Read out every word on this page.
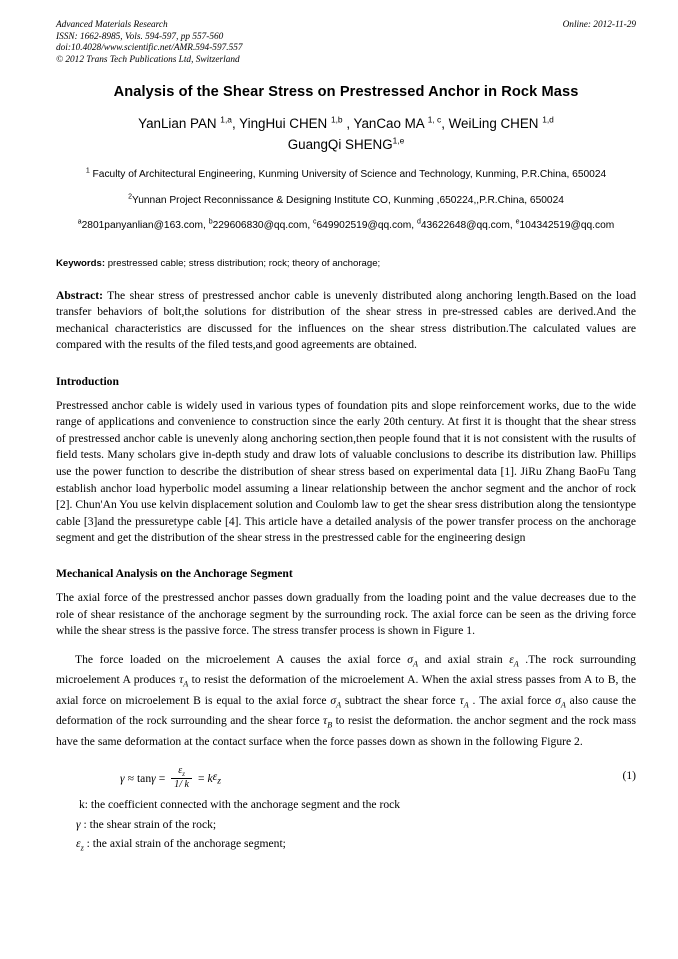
Advanced Materials Research
ISSN: 1662-8985, Vols. 594-597, pp 557-560
doi:10.4028/www.scientific.net/AMR.594-597.557
© 2012 Trans Tech Publications Ltd, Switzerland
Online: 2012-11-29
Analysis of the Shear Stress on Prestressed Anchor in Rock Mass
YanLian PAN $^{1,a}$, YingHui CHEN $^{1,b}$ , YanCao MA $^{1, c}$, WeiLing CHEN $^{1,d}$
GuangQi SHENG$^{1,e}$
$^1$ Faculty of Architectural Engineering, Kunming University of Science and Technology, Kunming, P.R.China, 650024
$^2$Yunnan Project Reconnissance & Designing Institute CO, Kunming ,650224,,P.R.China, 650024
$^a$2801panyanlian@163.com, $^b$229606830@qq.com, $^c$649902519@qq.com, $^d$43622648@qq.com, $^e$104342519@qq.com
Keywords: prestressed cable; stress distribution; rock; theory of anchorage;
Abstract: The shear stress of prestressed anchor cable is unevenly distributed along anchoring length.Based on the load transfer behaviors of bolt,the solutions for distribution of the shear stress in pre-stressed cables are derived.And the mechanical characteristics are discussed for the influences on the shear stress distribution.The calculated values are compared with the results of the filed tests,and good agreements are obtained.
Introduction
Prestressed anchor cable is widely used in various types of foundation pits and slope reinforcement works, due to the wide range of applications and convenience to construction since the early 20th century. At first it is thought that the shear stress of prestressed anchor cable is unevenly along anchoring section,then people found that it is not consistent with the rusults of field tests. Many scholars give in-depth study and draw lots of valuable conclusions to describe its distribution law. Phillips use the power function to describe the distribution of shear stress based on experimental data [1]. JiRu Zhang BaoFu Tang establish anchor load hyperbolic model assuming a linear relationship between the anchor segment and the anchor of rock [2]. Chun'An You use kelvin displacement solution and Coulomb law to get the shear sress distribution along the tensiontype cable [3]and the pressuretype cable [4]. This article have a detailed analysis of the power transfer process on the anchorage segment and get the distribution of the shear stress in the prestressed cable for the engineering design
Mechanical Analysis on the Anchorage Segment
The axial force of the prestressed anchor passes down gradually from the loading point and the value decreases due to the role of shear resistance of the anchorage segment by the surrounding rock. The axial force can be seen as the driving force while the shear stress is the passive force. The stress transfer process is shown in Figure 1.
The force loaded on the microelement A causes the axial force $\sigma_A$ and axial strain $\varepsilon_A$ .The rock surrounding microelement A produces $\tau_A$ to resist the deformation of the microelement A. When the axial stress passes from A to B, the axial force on microelement B is equal to the axial force $\sigma_A$ subtract the shear force $\tau_A$ . The axial force $\sigma_A$ also cause the deformation of the rock surrounding and the shear force $\tau_B$ to resist the deformation. the anchor segment and the rock mass have the same deformation at the contact surface when the force passes down as shown in the following Figure 2.
$\gamma \approx \tan \gamma = \frac{\varepsilon_z}{1/ k} = k$ $\varepsilon_z$	(1)
k: the coefficient connected with the anchorage segment and the rock
γ : the shear strain of the rock;
$\varepsilon_z$ : the axial strain of the anchorage segment;
